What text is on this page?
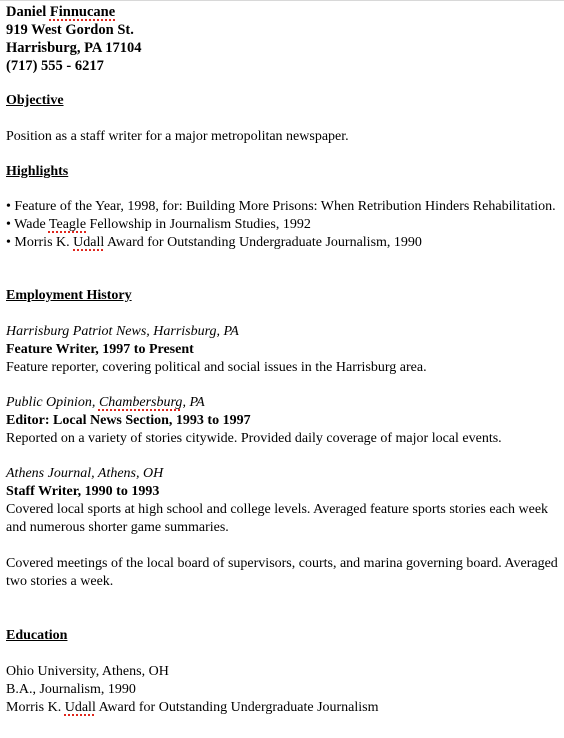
Daniel Finnucane
919 West Gordon St.
Harrisburg, PA 17104
(717) 555 - 6217
Objective
Position as a staff writer for a major metropolitan newspaper.
Highlights
• Feature of the Year, 1998, for: Building More Prisons: When Retribution Hinders Rehabilitation.
• Wade Teagle Fellowship in Journalism Studies, 1992
• Morris K. Udall Award for Outstanding Undergraduate Journalism, 1990
Employment History
Harrisburg Patriot News, Harrisburg, PA
Feature Writer, 1997 to Present
Feature reporter, covering political and social issues in the Harrisburg area.
Public Opinion, Chambersburg, PA
Editor: Local News Section, 1993 to 1997
Reported on a variety of stories citywide. Provided daily coverage of major local events.
Athens Journal, Athens, OH
Staff Writer, 1990 to 1993
Covered local sports at high school and college levels. Averaged feature sports stories each week and numerous shorter game summaries.
Covered meetings of the local board of supervisors, courts, and marina governing board. Averaged two stories a week.
Education
Ohio University, Athens, OH
B.A., Journalism, 1990
Morris K. Udall Award for Outstanding Undergraduate Journalism
